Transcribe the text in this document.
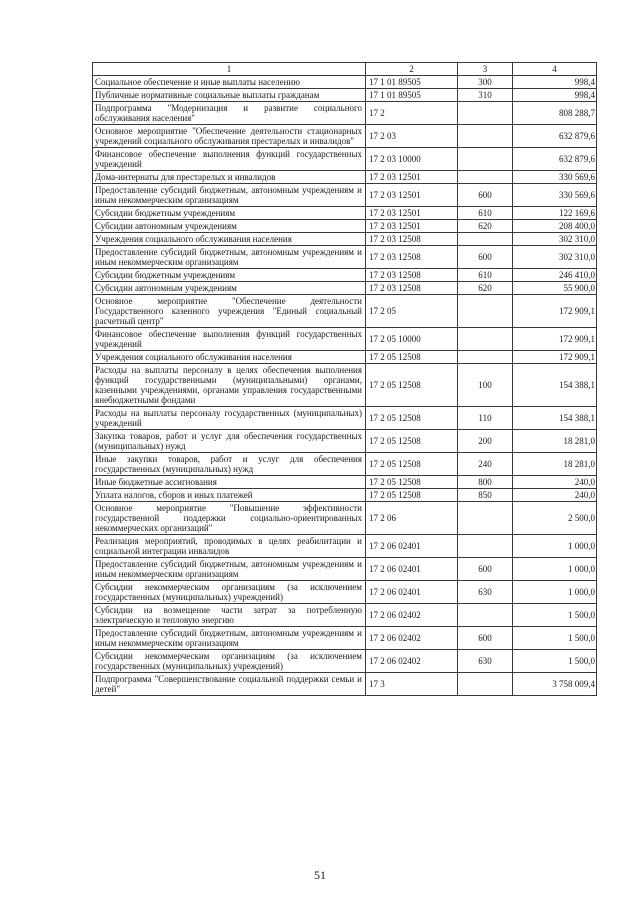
1	2	3	4
Социальное обеспечение и иные выплаты населению	17 1 01 89505	300	998,4
Публичные нормативные социальные выплаты гражданам	17 1 01 89505	310	998,4
Подпрограмма "Модернизация и развитие социального обслуживания населения"	17 2		808 288,7
Основное мероприятие "Обеспечение деятельности стационарных учреждений социального обслуживания престарелых и инвалидов"	17 2 03		632 879,6
Финансовое обеспечение выполнения функций государственных учреждений	17 2 03 10000		632 879,6
Дома-интернаты для престарелых и инвалидов	17 2 03 12501		330 569,6
Предоставление субсидий бюджетным, автономным учреждениям и иным некоммерческим организациям	17 2 03 12501	600	330 569,6
Субсидии бюджетным учреждениям	17 2 03 12501	610	122 169,6
Субсидии автономным учреждениям	17 2 03 12501	620	208 400,0
Учреждения социального обслуживания населения	17 2 03 12508		302 310,0
Предоставление субсидий бюджетным, автономным учреждениям и иным некоммерческим организациям	17 2 03 12508	600	302 310,0
Субсидии бюджетным учреждениям	17 2 03 12508	610	246 410,0
Субсидии автономным учреждениям	17 2 03 12508	620	55 900,0
Основное мероприятие "Обеспечение деятельности Государственного казенного учреждения "Единый социальный расчетный центр"	17 2 05		172 909,1
Финансовое обеспечение выполнения функций государственных учреждений	17 2 05 10000		172 909,1
Учреждения социального обслуживания населения	17 2 05 12508		172 909,1
Расходы на выплаты персоналу в целях обеспечения выполнения функций государственными (муниципальными) органами, казенными учреждениями, органами управления государственными внебюджетными фондами	17 2 05 12508	100	154 388,1
Расходы на выплаты персоналу государственных (муниципальных) учреждений	17 2 05 12508	110	154 388,1
Закупка товаров, работ и услуг для обеспечения государственных (муниципальных) нужд	17 2 05 12508	200	18 281,0
Иные закупки товаров, работ и услуг для обеспечения государственных (муниципальных) нужд	17 2 05 12508	240	18 281,0
Иные бюджетные ассигнования	17 2 05 12508	800	240,0
Уплата налогов, сборов и иных платежей	17 2 05 12508	850	240,0
Основное мероприятие "Повышение эффективности государственной поддержки социально-ориентированных некоммерческих организаций"	17 2 06		2 500,0
Реализация мероприятий, проводимых в целях реабилитации и социальной интеграции инвалидов	17 2 06 02401		1 000,0
Предоставление субсидий бюджетным, автономным учреждениям и иным некоммерческим организациям	17 2 06 02401	600	1 000,0
Субсидии некоммерческим организациям (за исключением государственных (муниципальных) учреждений)	17 2 06 02401	630	1 000,0
Субсидии на возмещение части затрат за потребленную электрическую и тепловую энергию	17 2 06 02402		1 500,0
Предоставление субсидий бюджетным, автономным учреждениям и иным некоммерческим организациям	17 2 06 02402	600	1 500,0
Субсидии некоммерческим организациям (за исключением государственных (муниципальных) учреждений)	17 2 06 02402	630	1 500,0
Подпрограмма "Совершенствование социальной поддержки семьи и детей"	17 3		3 758 009,4
51
